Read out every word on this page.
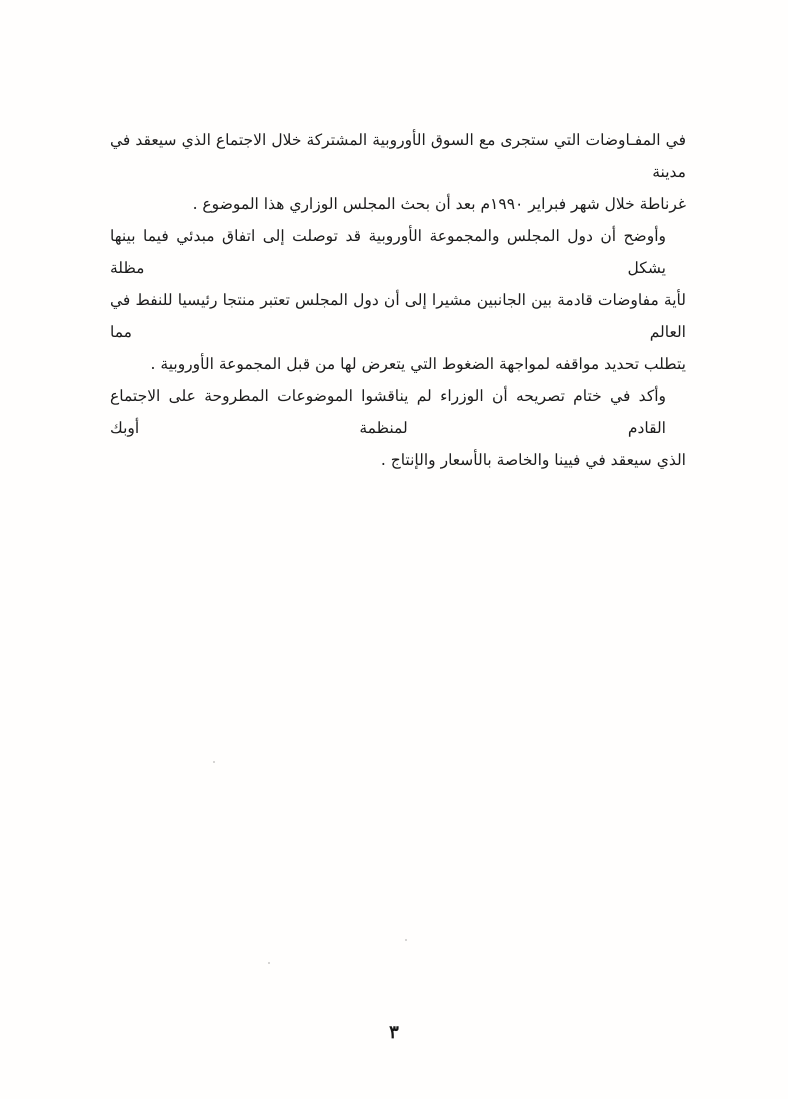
في المفـاوضات التي ستجرى مع السوق الأوروبية المشتركة خلال الاجتماع الذي سيعقد في مدينة
غرناطة خلال شهر فبراير ١٩٩٠م بعد أن بحث المجلس الوزاري هذا الموضوع .
وأوضح أن دول المجلس والمجموعة الأوروبية قد توصلت إلى اتفاق مبدئي فيما بينها يشكل مظلة
لأية مفاوضات قادمة بين الجانبين مشيرا إلى أن دول المجلس تعتبر منتجا رئيسيا للنفط في العالم مما
يتطلب تحديد مواقفه لمواجهة الضغوط التي يتعرض لها من قبل المجموعة الأوروبية .
وأكد في ختام تصريحه أن الوزراء لم يناقشوا الموضوعات المطروحة على الاجتماع القادم لمنظمة أوبك
الذي سيعقد في فيينا والخاصة بالأسعار والإنتاج .
٣
